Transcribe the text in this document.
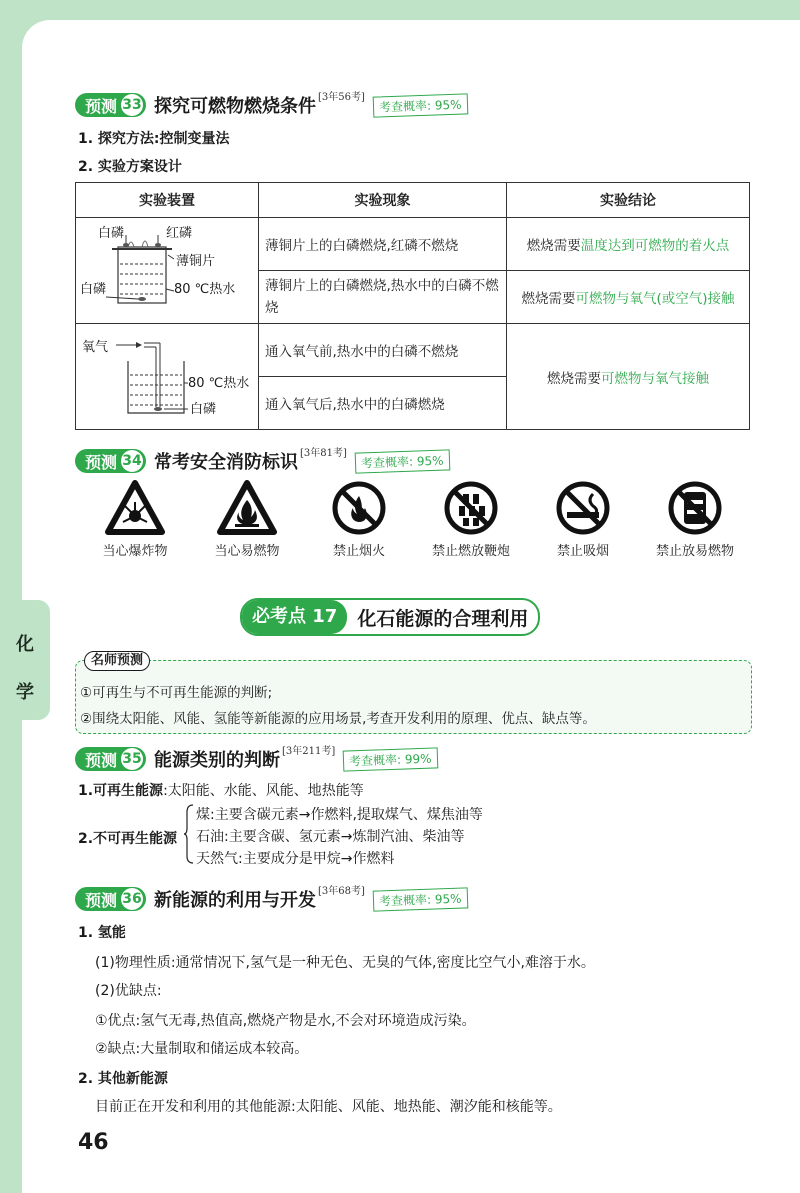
化
学
预测 33 探究可燃物燃烧条件 [3年56考]	考查概率: 95%
1. 探究方法:控制变量法
2. 实验方案设计
实验装置	实验现象	实验结论

白磷 红磷
薄铜片
白磷 80 ℃热水	薄铜片上的白磷燃烧,红磷不燃烧	燃烧需要温度达到可燃物的着火点
	薄铜片上的白磷燃烧,热水中的白磷不燃烧	燃烧需要可燃物与氧气(或空气)接触

氧气
80 ℃热水
白磷	通入氧气前,热水中的白磷不燃烧	燃烧需要可燃物与氧气接触
	通入氧气后,热水中的白磷燃烧	
预测 34 常考安全消防标识 [3年81考]	考查概率: 95%
当心爆炸物	当心易燃物	禁止烟火	禁止燃放鞭炮	禁止吸烟	禁止放易燃物
必考点 17	化石能源的合理利用
名师预测
①可再生与不可再生能源的判断;
②围绕太阳能、风能、氢能等新能源的应用场景,考查开发利用的原理、优点、缺点等。
预测 35 能源类别的判断 [3年211考]	考查概率: 99%
1.可再生能源:太阳能、水能、风能、地热能等
2.不可再生能源
煤:主要含碳元素→作燃料,提取煤气、煤焦油等
石油:主要含碳、氢元素→炼制汽油、柴油等
天然气:主要成分是甲烷→作燃料
预测 36 新能源的利用与开发 [3年68考]	考查概率: 95%
1. 氢能
(1)物理性质:通常情况下,氢气是一种无色、无臭的气体,密度比空气小,难溶于水。
(2)优缺点:
①优点:氢气无毒,热值高,燃烧产物是水,不会对环境造成污染。
②缺点:大量制取和储运成本较高。
2. 其他新能源
目前正在开发和利用的其他能源:太阳能、风能、地热能、潮汐能和核能等。
46
